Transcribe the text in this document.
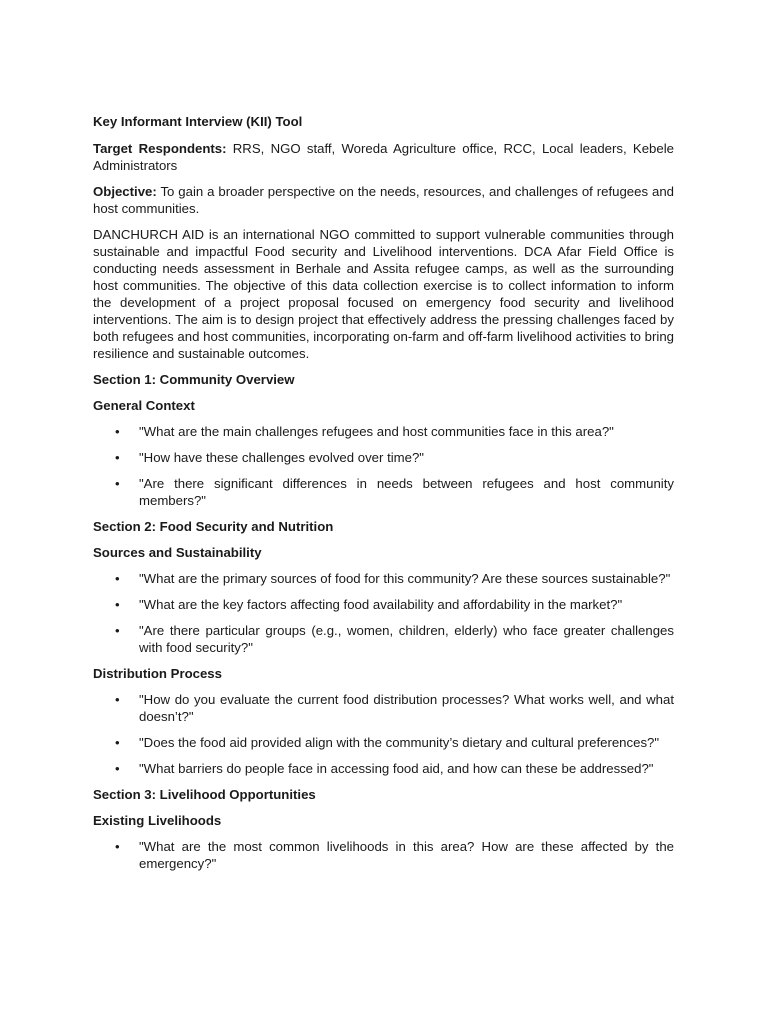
Key Informant Interview (KII) Tool

Target Respondents: RRS, NGO staff, Woreda Agriculture office, RCC, Local leaders, Kebele Administrators

Objective: To gain a broader perspective on the needs, resources, and challenges of refugees and host communities.

DANCHURCH AID is an international NGO committed to support vulnerable communities through sustainable and impactful Food security and Livelihood interventions. DCA Afar Field Office is conducting needs assessment in Berhale and Assita refugee camps, as well as the surrounding host communities. The objective of this data collection exercise is to collect information to inform the development of a project proposal focused on emergency food security and livelihood interventions. The aim is to design project that effectively address the pressing challenges faced by both refugees and host communities, incorporating on-farm and off-farm livelihood activities to bring resilience and sustainable outcomes.

Section 1: Community Overview
General Context
• "What are the main challenges refugees and host communities face in this area?"
• "How have these challenges evolved over time?"
• "Are there significant differences in needs between refugees and host community members?"
Section 2: Food Security and Nutrition
Sources and Sustainability
• "What are the primary sources of food for this community? Are these sources sustainable?"
• "What are the key factors affecting food availability and affordability in the market?"
• "Are there particular groups (e.g., women, children, elderly) who face greater challenges with food security?"
Distribution Process
• "How do you evaluate the current food distribution processes? What works well, and what doesn’t?"
• "Does the food aid provided align with the community’s dietary and cultural preferences?"
• "What barriers do people face in accessing food aid, and how can these be addressed?"
Section 3: Livelihood Opportunities
Existing Livelihoods
• "What are the most common livelihoods in this area? How are these affected by the emergency?"
